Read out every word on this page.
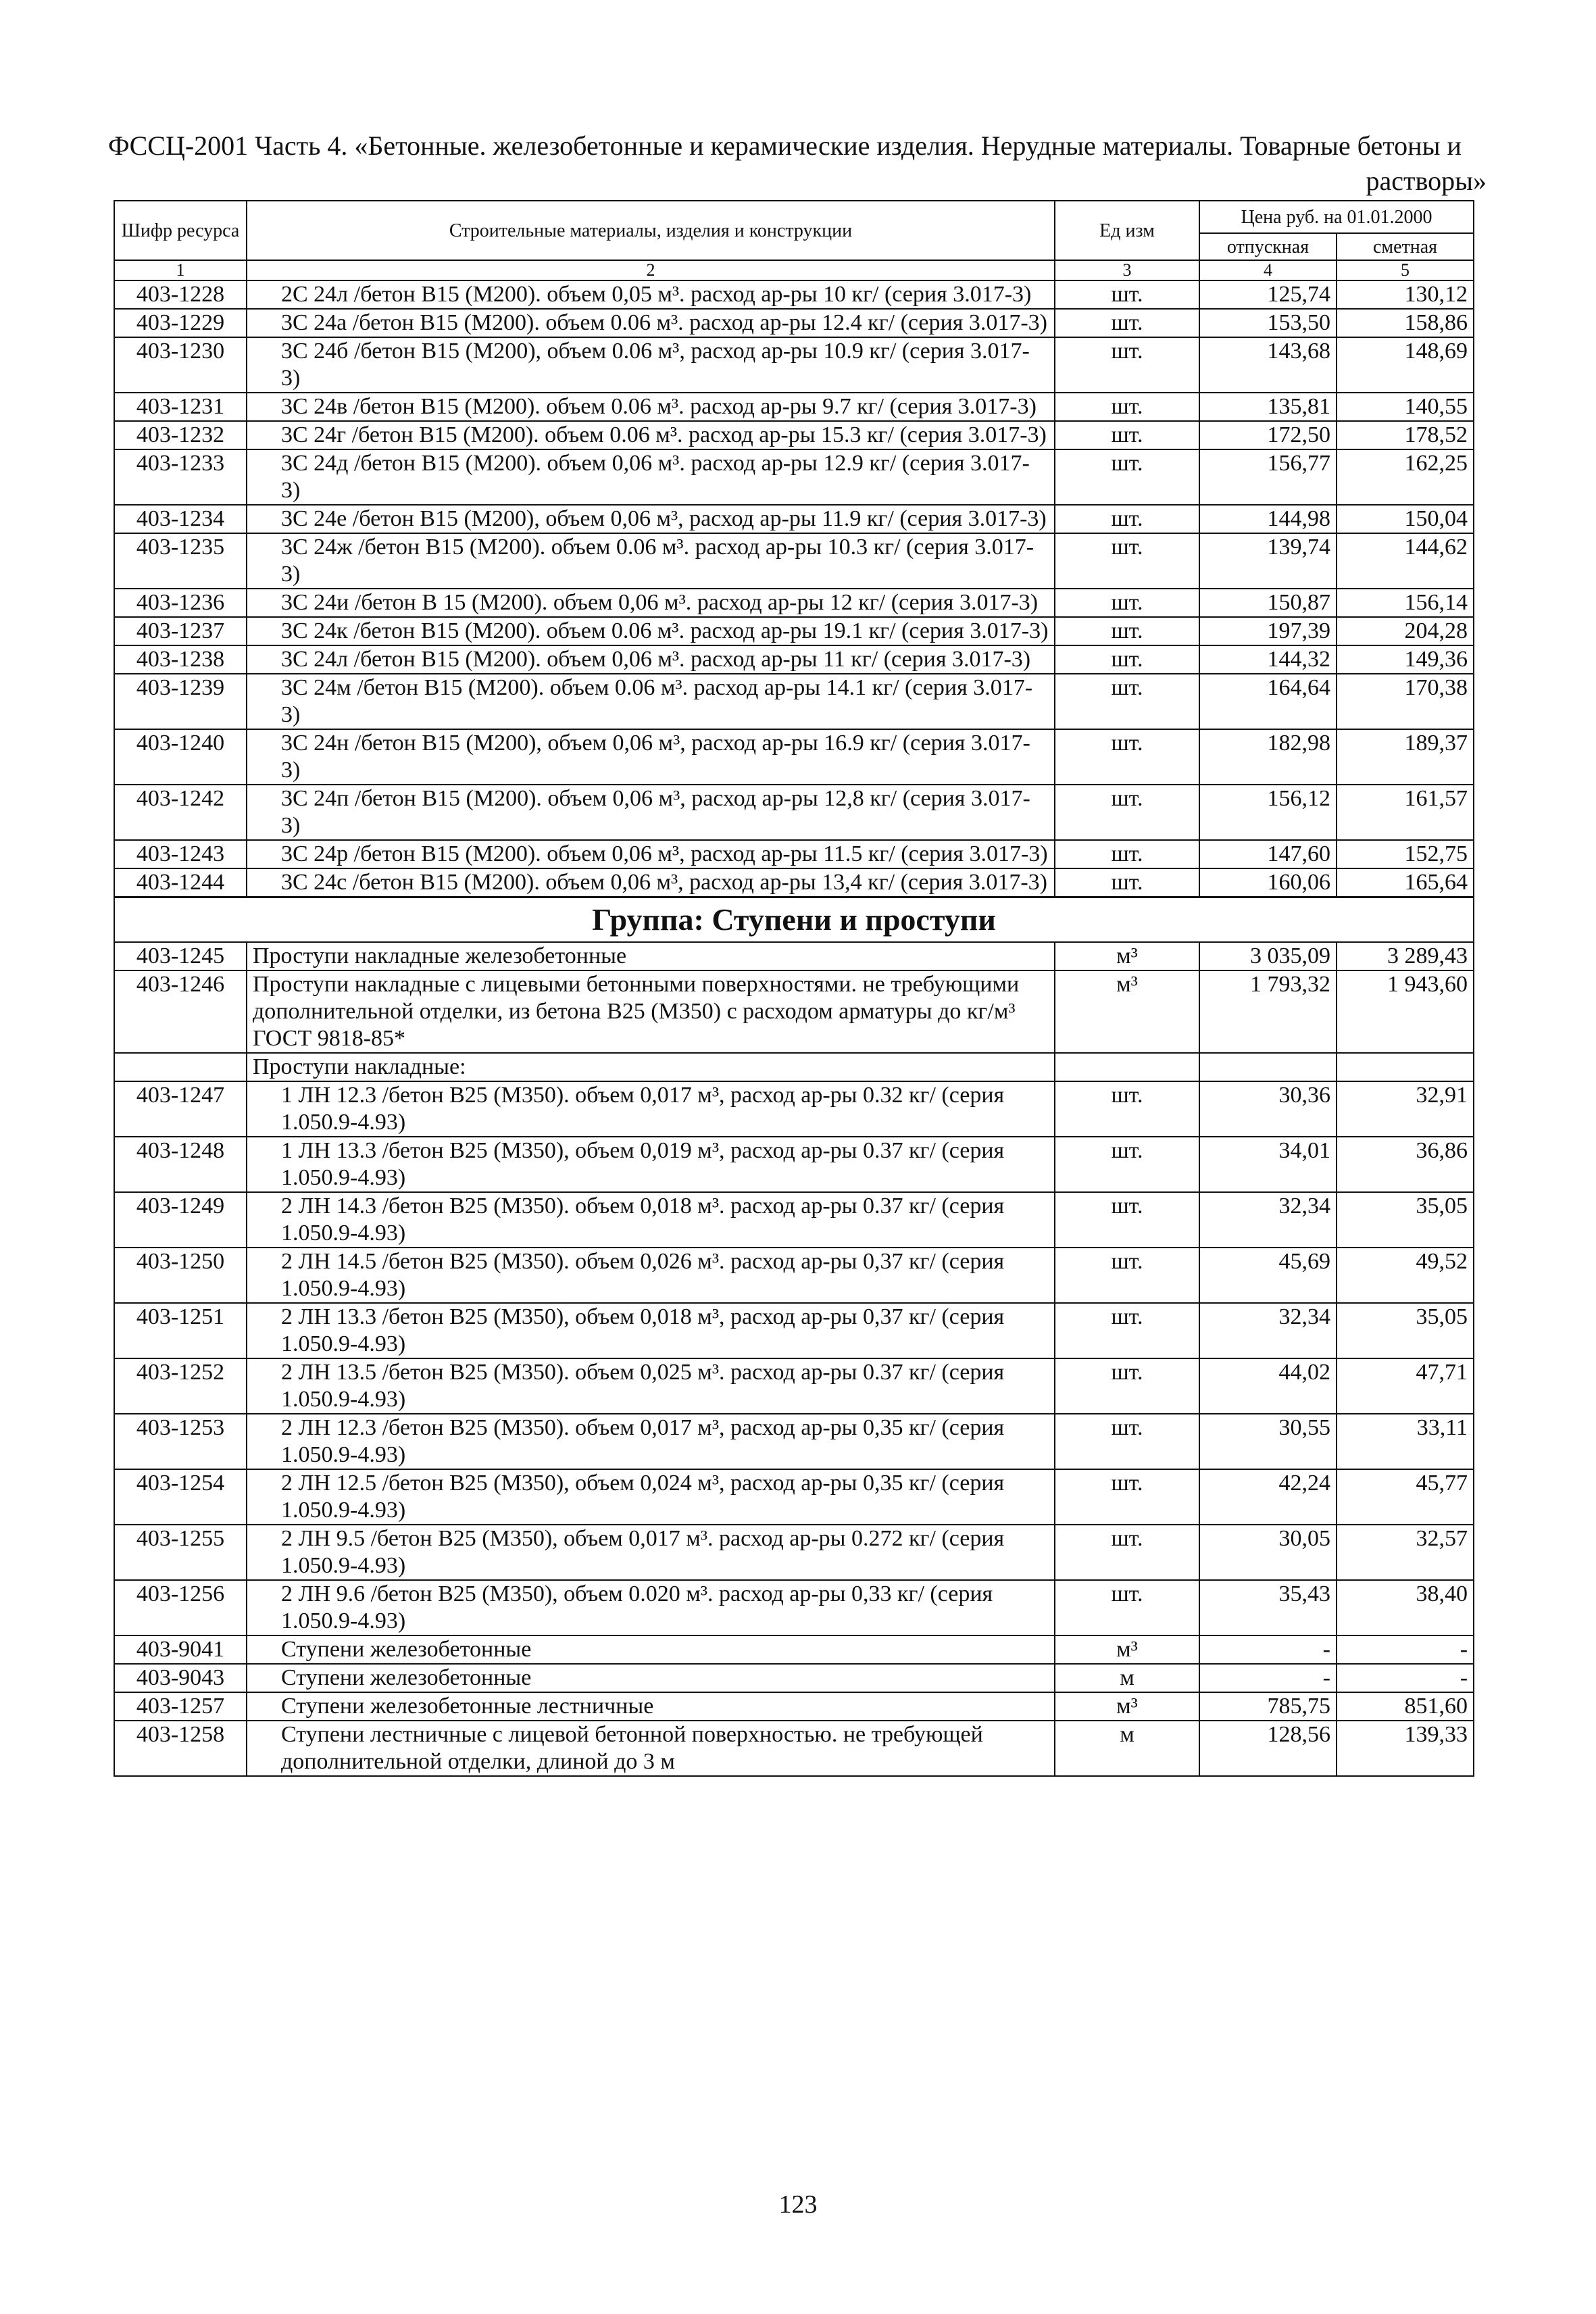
ФССЦ-2001 Часть 4. «Бетонные. железобетонные и керамические изделия. Нерудные материалы. Товарные бетоны и
растворы»
Шифр ресурса	Строительные материалы, изделия и конструкции	Ед изм	Цена руб. на 01.01.2000	
			отпускная	сметная
1	2	3	4	5
403-1228	2С 24л /бетон В15 (М200). объем 0,05 м³. расход ар-ры 10 кг/ (серия 3.017-3)	шт.	125,74	130,12
403-1229	3С 24а /бетон В15 (М200). объем 0.06 м³. расход ар-ры 12.4 кг/ (серия 3.017-3)	шт.	153,50	158,86
403-1230	3С 24б /бетон В15 (М200), объем 0.06 м³, расход ар-ры 10.9 кг/ (серия 3.017-3)	шт.	143,68	148,69
403-1231	3С 24в /бетон В15 (М200). объем 0.06 м³. расход ар-ры 9.7 кг/ (серия 3.017-3)	шт.	135,81	140,55
403-1232	3С 24г /бетон В15 (М200). объем 0.06 м³. расход ар-ры 15.3 кг/ (серия 3.017-3)	шт.	172,50	178,52
403-1233	3С 24д /бетон В15 (М200). объем 0,06 м³. расход ар-ры 12.9 кг/ (серия 3.017-3)	шт.	156,77	162,25
403-1234	3С 24е /бетон В15 (М200), объем 0,06 м³, расход ар-ры 11.9 кг/ (серия 3.017-3)	шт.	144,98	150,04
403-1235	3С 24ж /бетон В15 (М200). объем 0.06 м³. расход ар-ры 10.3 кг/ (серия 3.017-3)	шт.	139,74	144,62
403-1236	3С 24и /бетон В 15 (М200). объем 0,06 м³. расход ар-ры 12 кг/ (серия 3.017-3)	шт.	150,87	156,14
403-1237	3С 24к /бетон В15 (М200). объем 0.06 м³. расход ар-ры 19.1 кг/ (серия 3.017-3)	шт.	197,39	204,28
403-1238	3С 24л /бетон В15 (М200). объем 0,06 м³. расход ар-ры 11 кг/ (серия 3.017-3)	шт.	144,32	149,36
403-1239	3С 24м /бетон В15 (М200). объем 0.06 м³. расход ар-ры 14.1 кг/ (серия 3.017-3)	шт.	164,64	170,38
403-1240	3С 24н /бетон В15 (М200), объем 0,06 м³, расход ар-ры 16.9 кг/ (серия 3.017-3)	шт.	182,98	189,37
403-1242	3С 24п /бетон В15 (М200). объем 0,06 м³, расход ар-ры 12,8 кг/ (серия 3.017-3)	шт.	156,12	161,57
403-1243	3С 24р /бетон В15 (М200). объем 0,06 м³, расход ар-ры 11.5 кг/ (серия 3.017-3)	шт.	147,60	152,75
403-1244	3С 24с /бетон В15 (М200). объем 0,06 м³, расход ар-ры 13,4 кг/ (серия 3.017-3)	шт.	160,06	165,64
Группа: Ступени и проступи				
403-1245	Проступи накладные железобетонные	м³	3 035,09	3 289,43
403-1246	Проступи накладные с лицевыми бетонными поверхностями. не требующими дополнительной отделки, из бетона В25 (М350) с расходом арматуры до кг/м³ ГОСТ 9818-85*	м³	1 793,32	1 943,60
	Проступи накладные:			
403-1247	1 ЛН 12.3 /бетон В25 (М350). объем 0,017 м³, расход ар-ры 0.32 кг/ (серия 1.050.9-4.93)	шт.	30,36	32,91
403-1248	1 ЛН 13.3 /бетон В25 (М350), объем 0,019 м³, расход ар-ры 0.37 кг/ (серия 1.050.9-4.93)	шт.	34,01	36,86
403-1249	2 ЛН 14.3 /бетон В25 (М350). объем 0,018 м³. расход ар-ры 0.37 кг/ (серия 1.050.9-4.93)	шт.	32,34	35,05
403-1250	2 ЛН 14.5 /бетон В25 (М350). объем 0,026 м³. расход ар-ры 0,37 кг/ (серия 1.050.9-4.93)	шт.	45,69	49,52
403-1251	2 ЛН 13.3 /бетон В25 (М350), объем 0,018 м³, расход ар-ры 0,37 кг/ (серия 1.050.9-4.93)	шт.	32,34	35,05
403-1252	2 ЛН 13.5 /бетон В25 (М350). объем 0,025 м³. расход ар-ры 0.37 кг/ (серия 1.050.9-4.93)	шт.	44,02	47,71
403-1253	2 ЛН 12.3 /бетон В25 (М350). объем 0,017 м³, расход ар-ры 0,35 кг/ (серия 1.050.9-4.93)	шт.	30,55	33,11
403-1254	2 ЛН 12.5 /бетон В25 (М350), объем 0,024 м³, расход ар-ры 0,35 кг/ (серия 1.050.9-4.93)	шт.	42,24	45,77
403-1255	2 ЛН 9.5 /бетон В25 (М350), объем 0,017 м³. расход ар-ры 0.272 кг/ (серия 1.050.9-4.93)	шт.	30,05	32,57
403-1256	2 ЛН 9.6 /бетон В25 (М350), объем 0.020 м³. расход ар-ры 0,33 кг/ (серия 1.050.9-4.93)	шт.	35,43	38,40
403-9041	Ступени железобетонные	м³	-	-
403-9043	Ступени железобетонные	м	-	-
403-1257	Ступени железобетонные лестничные	м³	785,75	851,60
403-1258	Ступени лестничные с лицевой бетонной поверхностью. не требующей дополнительной отделки, длиной до 3 м	м	128,56	139,33
123
